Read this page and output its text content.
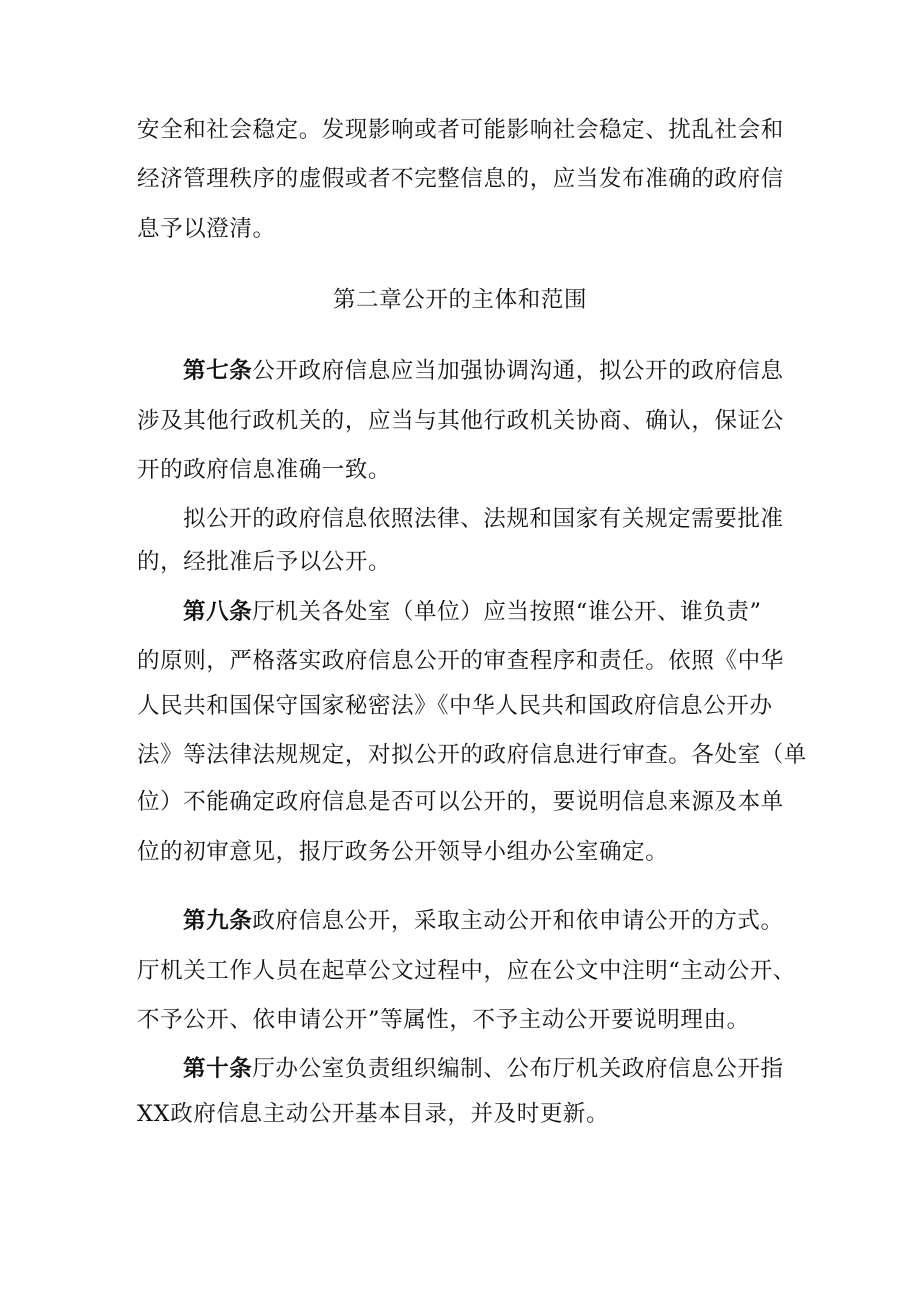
安全和社会稳定。发现影响或者可能影响社会稳定、扰乱社会和
经济管理秩序的虚假或者不完整信息的，应当发布准确的政府信
息予以澄清。
第二章公开的主体和范围
第七条公开政府信息应当加强协调沟通，拟公开的政府信息
涉及其他行政机关的，应当与其他行政机关协商、确认，保证公
开的政府信息准确一致。
拟公开的政府信息依照法律、法规和国家有关规定需要批准
的，经批准后予以公开。
第八条厅机关各处室（单位）应当按照“谁公开、谁负责”
的原则，严格落实政府信息公开的审查程序和责任。依照《中华
人民共和国保守国家秘密法》《中华人民共和国政府信息公开办
法》等法律法规规定，对拟公开的政府信息进行审查。各处室（单
位）不能确定政府信息是否可以公开的，要说明信息来源及本单
位的初审意见，报厅政务公开领导小组办公室确定。
第九条政府信息公开，采取主动公开和依申请公开的方式。
厅机关工作人员在起草公文过程中，应在公文中注明“主动公开、
不予公开、依申请公开”等属性，不予主动公开要说明理由。
第十条厅办公室负责组织编制、公布厅机关政府信息公开指
XX政府信息主动公开基本目录，并及时更新。
